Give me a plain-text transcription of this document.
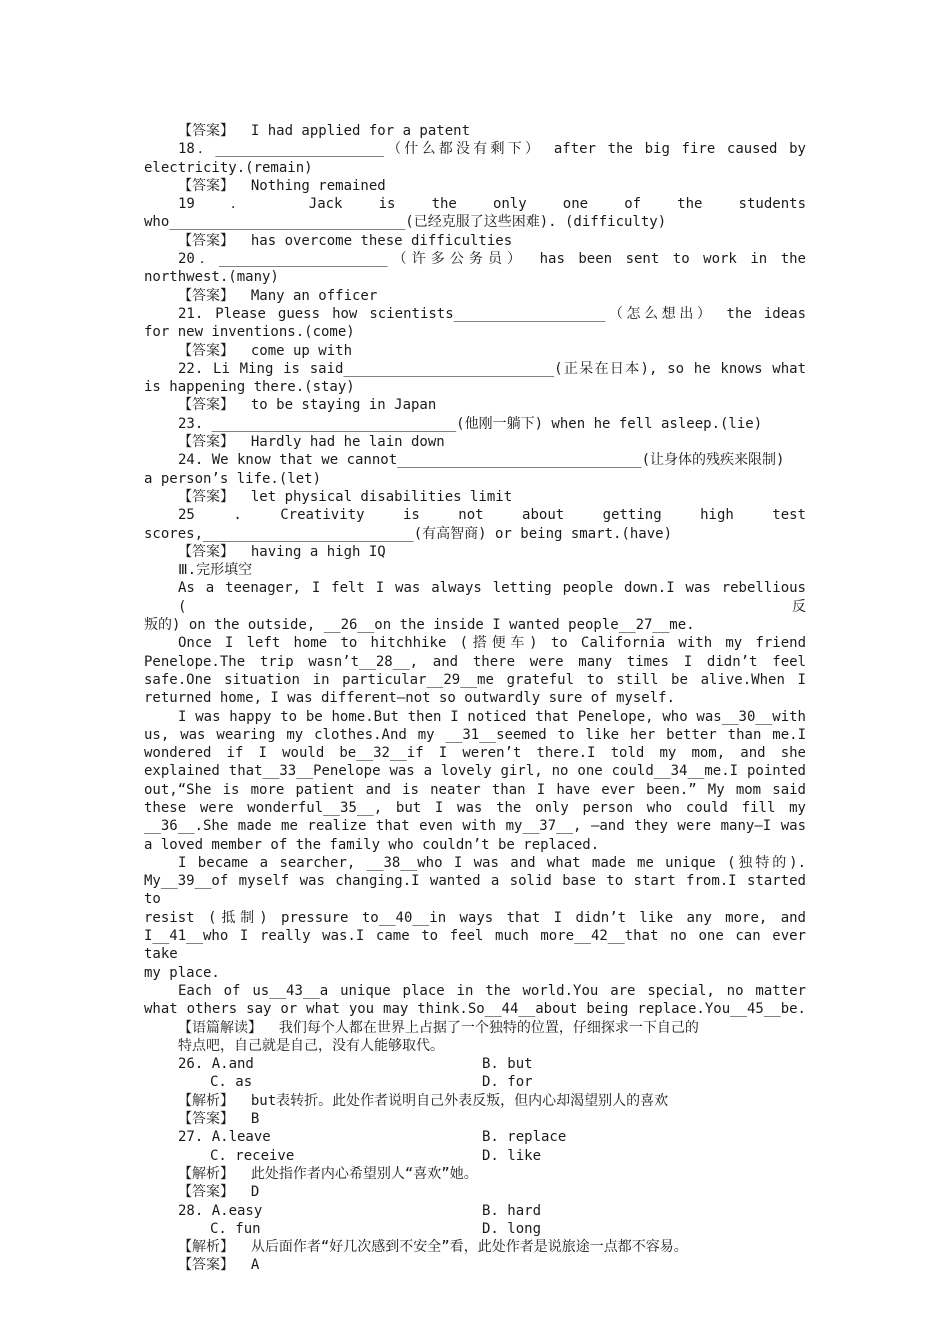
【答案】  I had applied for a patent
18．____________________（什么都没有剩下） after the big fire caused by
electricity.(remain)
【答案】  Nothing remained
19 ． Jack is the only one of the students
who____________________________(已经克服了这些困难). (difficulty)
【答案】  has overcome these difficulties
20．____________________（许多公务员） has been sent to work in the
northwest.(many)
【答案】  Many an officer
21. Please guess how scientists__________________（怎么想出） the ideas
for new inventions.(come)
【答案】  come up with
22. Li Ming is said_________________________(正呆在日本), so he knows what
is happening there.(stay)
【答案】  to be staying in Japan
23. _____________________________(他刚一躺下) when he fell asleep.(lie)
【答案】  Hardly had he lain down
24. We know that we cannot_____________________________(让身体的残疾来限制)
a person’s life.(let)
【答案】  let physical disabilities limit
25 . Creativity is not about getting high test
scores,_________________________(有高智商) or being smart.(have)
【答案】  having a high IQ
Ⅲ.完形填空
As a teenager, I felt I was always letting people down.I was rebellious (反
叛的) on the outside, __26__on the inside I wanted people__27__me.
Once I left home to hitchhike (搭便车) to California with my friend
Penelope.The trip wasn’t__28__, and there were many times I didn’t feel
safe.One situation in particular__29__me grateful to still be alive.When I
returned home, I was different—not so outwardly sure of myself.
I was happy to be home.But then I noticed that Penelope, who was__30__with
us, was wearing my clothes.And my __31__seemed to like her better than me.I
wondered if I would be__32__if I weren’t there.I told my mom, and she
explained that__33__Penelope was a lovely girl, no one could__34__me.I pointed
out,“She is more patient and is neater than I have ever been.” My mom said
these were wonderful__35__, but I was the only person who could fill my
__36__.She made me realize that even with my__37__, —and they were many—I was
a loved member of the family who couldn’t be replaced.
I became a searcher, __38__who I was and what made me unique (独特的).
My__39__of myself was changing.I wanted a solid base to start from.I started to
resist (抵制) pressure to__40__in ways that I didn’t like any more, and
I__41__who I really was.I came to feel much more__42__that no one can ever take
my place.
Each of us__43__a unique place in the world.You are special, no matter
what others say or what you may think.So__44__about being replace.You__45__be.
【语篇解读】  我们每个人都在世界上占据了一个独特的位置，仔细探求一下自己的
特点吧，自己就是自己，没有人能够取代。
26. A.and	B. but
C. as	D. for
【解析】  but表转折。此处作者说明自己外表反叛，但内心却渴望别人的喜欢
【答案】  B
27. A.leave	B. replace
C. receive	D. like
【解析】  此处指作者内心希望别人“喜欢”她。
【答案】  D
28. A.easy	B. hard
C. fun	D. long
【解析】  从后面作者“好几次感到不安全”看，此处作者是说旅途一点都不容易。
【答案】  A
